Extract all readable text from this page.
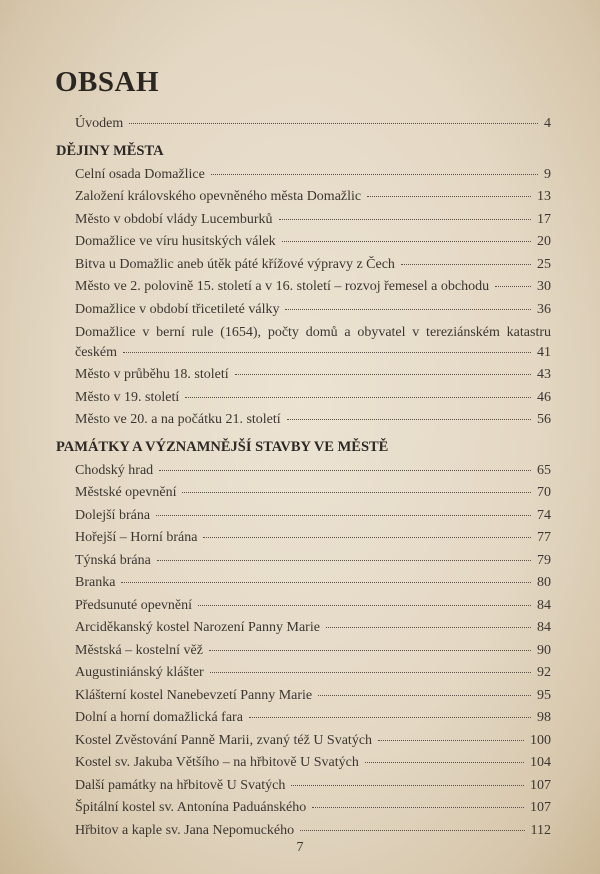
OBSAH
Úvodem	4
DĚJINY MĚSTA
Celní osada Domažlice	9
Založení královského opevněného města Domažlic	13
Město v období vlády Lucemburků	17
Domažlice ve víru husitských válek	20
Bitva u Domažlic aneb útěk páté křížové výpravy z Čech	25
Město ve 2. polovině 15. století a v 16. století – rozvoj řemesel a obchodu	30
Domažlice v období třicetileté války	36
Domažlice v berní rule (1654), počty domů a obyvatel v tereziánském katastru
českém	41
Město v průběhu 18. století	43
Město v 19. století	46
Město ve 20. a na počátku 21. století	56
PAMÁTKY A VÝZNAMNĚJŠÍ STAVBY VE MĚSTĚ
Chodský hrad	65
Městské opevnění	70
Dolejší brána	74
Hořejší – Horní brána	77
Týnská brána	79
Branka	80
Předsunuté opevnění	84
Arciděkanský kostel Narození Panny Marie	84
Městská – kostelní věž	90
Augustiniánský klášter	92
Klášterní kostel Nanebevzetí Panny Marie	95
Dolní a horní domažlická fara	98
Kostel Zvěstování Panně Marii, zvaný též U Svatých	100
Kostel sv. Jakuba Většího – na hřbitově U Svatých	104
Další památky na hřbitově U Svatých	107
Špitální kostel sv. Antonína Paduánského	107
Hřbitov a kaple sv. Jana Nepomuckého	112
7
